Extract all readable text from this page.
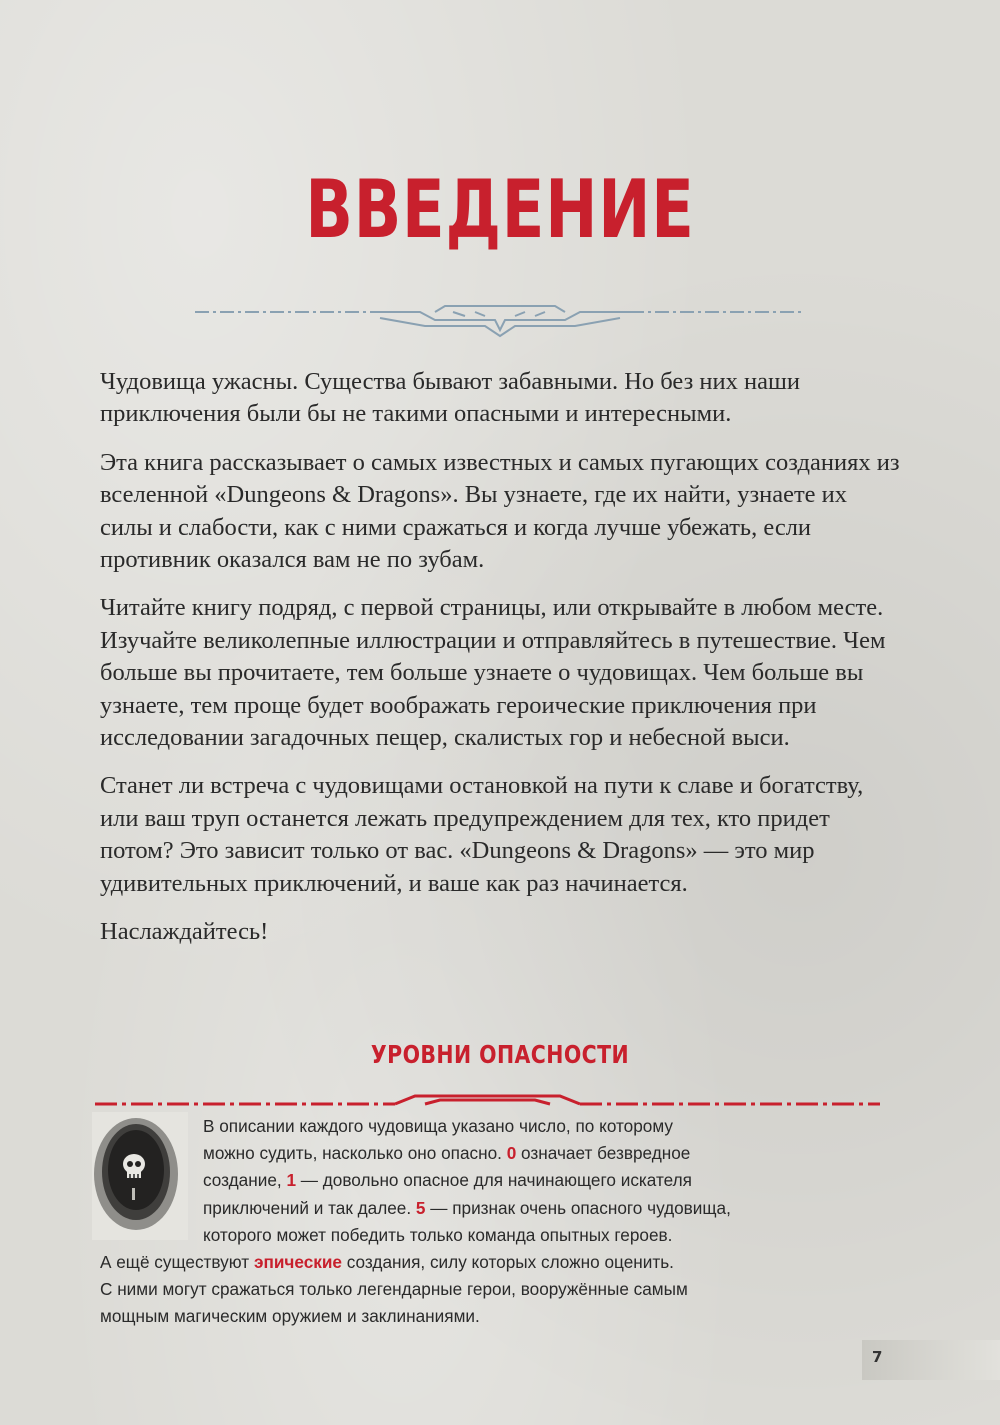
ВВЕДЕНИЕ

Чудовища ужасны. Существа бывают забавными. Но без них наши приключения были бы не такими опасными и интересными.

Эта книга рассказывает о самых известных и самых пугающих созданиях из вселенной «Dungeons & Dragons». Вы узнаете, где их найти, узнаете их силы и слабости, как с ними сражаться и когда лучше убежать, если противник оказался вам не по зубам.

Читайте книгу подряд, с первой страницы, или открывайте в любом месте. Изучайте великолепные иллюстрации и отправляйтесь в путешествие. Чем больше вы прочитаете, тем больше узнаете о чудовищах. Чем больше вы узнаете, тем проще будет воображать героические приключения при исследовании загадочных пещер, скалистых гор и небесной выси.

Станет ли встреча с чудовищами остановкой на пути к славе и богатству, или ваш труп останется лежать предупреждением для тех, кто придет потом? Это зависит только от вас. «Dungeons & Dragons» — это мир удивительных приключений, и ваше как раз начинается.

Наслаждайтесь!

УРОВНИ ОПАСНОСТИ
В описании каждого чудовища указано число, по которому
можно судить, насколько оно опасно. 0 означает безвредное
создание, 1 — довольно опасное для начинающего искателя
приключений и так далее. 5 — признак очень опасного чудовища,
которого может победить только команда опытных героев.
А ещё существуют эпические создания, силу которых сложно оценить.
С ними могут сражаться только легендарные герои, вооружённые самым
мощным магическим оружием и заклинаниями.
7
